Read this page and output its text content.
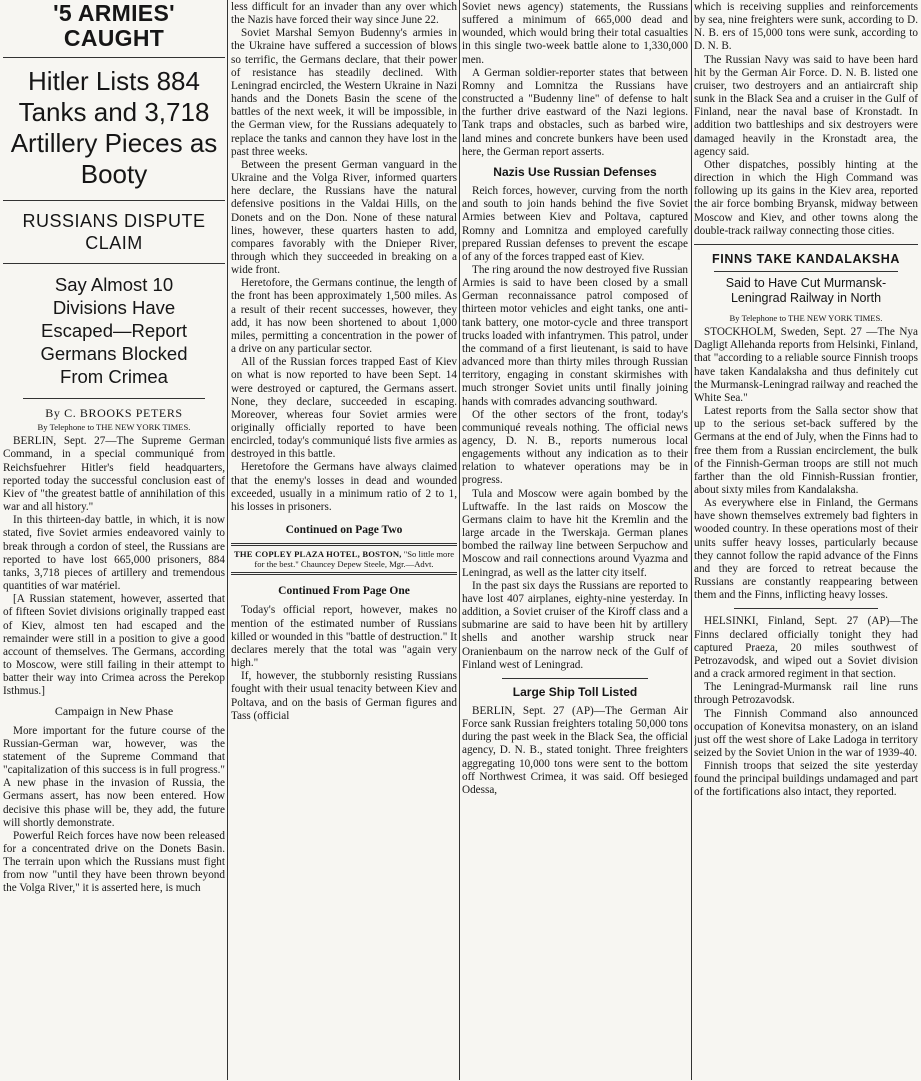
'5 ARMIES' CAUGHT
Hitler Lists 884 Tanks and 3,718 Artillery Pieces as Booty
RUSSIANS DISPUTE CLAIM
Say Almost 10 Divisions Have Escaped—Report Germans Blocked From Crimea
By C. BROOKS PETERS
By Telephone to THE NEW YORK TIMES.

BERLIN, Sept. 27—The Supreme German Command, in a special communiqué from Reichsfuehrer Hitler's field headquarters, reported today the successful conclusion east of Kiev of "the greatest battle of annihilation of this war and all history."

In this thirteen-day battle, in which, it is now stated, five Soviet armies endeavored vainly to break through a cordon of steel, the Russians are reported to have lost 665,000 prisoners, 884 tanks, 3,718 pieces of artillery and tremendous quantities of war matériel.

[A Russian statement, however, asserted that of fifteen Soviet divisions originally trapped east of Kiev, almost ten had escaped and the remainder were still in a position to give a good account of themselves. The Germans, according to Moscow, were still failing in their attempt to batter their way into Crimea across the Perekop Isthmus.]

Campaign in New Phase

More important for the future course of the Russian-German war, however, was the statement of the Supreme Command that "capitalization of this success is in full progress." A new phase in the invasion of Russia, the Germans assert, has now been entered. How decisive this phase will be, they add, the future will shortly demonstrate.

Powerful Reich forces have now been released for a concentrated drive on the Donets Basin. The terrain upon which the Russians must fight from now "until they have been thrown beyond the Volga River," it is asserted here, is much

less difficult for an invader than any over which the Nazis have forced their way since June 22.

Soviet Marshal Semyon Budenny's armies in the Ukraine have suffered a succession of blows so terrific, the Germans declare, that their power of resistance has steadily declined. With Leningrad encircled, the Western Ukraine in Nazi hands and the Donets Basin the scene of the battles of the next week, it will be impossible, in the German view, for the Russians adequately to replace the tanks and cannon they have lost in the past three weeks.

Between the present German vanguard in the Ukraine and the Volga River, informed quarters here declare, the Russians have the natural defensive positions in the Valdai Hills, on the Donets and on the Don. None of these natural lines, however, these quarters hasten to add, compares favorably with the Dnieper River, through which they succeeded in breaking on a wide front.

Heretofore, the Germans continue, the length of the front has been approximately 1,500 miles. As a result of their recent successes, however, they add, it has now been shortened to about 1,000 miles, permitting a concentration in the power of a drive on any particular sector.

All of the Russian forces trapped East of Kiev on what is now reported to have been Sept. 14 were destroyed or captured, the Germans assert. None, they declare, succeeded in escaping. Moreover, whereas four Soviet armies were originally officially reported to have been encircled, today's communiqué lists five armies as destroyed in this battle.

Heretofore the Germans have always claimed that the enemy's losses in dead and wounded exceeded, usually in a minimum ratio of 2 to 1, his losses in prisoners.

Continued on Page Two
THE COPLEY PLAZA HOTEL, BOSTON, "So little more for the best." Chauncey Depew Steele, Mgr.—Advt.
Continued From Page One

Today's official report, however, makes no mention of the estimated number of Russians killed or wounded in this "battle of destruction." It declares merely that the total was "again very high."

If, however, the stubbornly resisting Russians fought with their usual tenacity between Kiev and Poltava, and on the basis of German figures and Tass (official

Soviet news agency) statements, the Russians suffered a minimum of 665,000 dead and wounded, which would bring their total casualties in this single two-week battle alone to 1,330,000 men.

A German soldier-reporter states that between Romny and Lomnitza the Russians have constructed a "Budenny line" of defense to halt the further drive eastward of the Nazi legions. Tank traps and obstacles, such as barbed wire, land mines and concrete bunkers have been used here, the German report asserts.

Nazis Use Russian Defenses

Reich forces, however, curving from the north and south to join hands behind the five Soviet Armies between Kiev and Poltava, captured Romny and Lomnitza and employed carefully prepared Russian defenses to prevent the escape of any of the forces trapped east of Kiev.

The ring around the now destroyed five Russian Armies is said to have been closed by a small German reconnaissance patrol composed of thirteen motor vehicles and eight tanks, one anti-tank battery, one motor-cycle and three transport trucks loaded with infantrymen. This patrol, under the command of a first lieutenant, is said to have advanced more than thirty miles through Russian territory, engaging in constant skirmishes with much stronger Soviet units until finally joining hands with comrades advancing southward.

Of the other sectors of the front, today's communiqué reveals nothing. The official news agency, D. N. B., reports numerous local engagements without any indication as to their relation to whatever operations may be in progress.

Tula and Moscow were again bombed by the Luftwaffe. In the last raids on Moscow the Germans claim to have hit the Kremlin and the large arcade in the Twerskaja. German planes bombed the railway line between Serpuchow and Moscow and rail connections around Vyazma and Leningrad, as well as the latter city itself.

In the past six days the Russians are reported to have lost 407 airplanes, eighty-nine yesterday. In addition, a Soviet cruiser of the Kiroff class and a submarine are said to have been hit by artillery shells and another warship struck near Oranienbaum on the narrow neck of the Gulf of Finland west of Leningrad.

Large Ship Toll Listed

BERLIN, Sept. 27 (AP)—The German Air Force sank Russian freighters totaling 50,000 tons during the past week in the Black Sea, the official agency, D. N. B., stated tonight. Three freighters aggregating 10,000 tons were sent to the bottom off Northwest Crimea, it was said. Off besieged Odessa,

which is receiving supplies and reinforcements by sea, nine freighters were sunk, according to D. N. B. ers of 15,000 tons were sunk, according to D. N. B.

The Russian Navy was said to have been hard hit by the German Air Force. D. N. B. listed one cruiser, two destroyers and an antiaircraft ship sunk in the Black Sea and a cruiser in the Gulf of Finland, near the naval base of Kronstadt. In addition two battleships and six destroyers were damaged heavily in the Kronstadt area, the agency said.

Other dispatches, possibly hinting at the direction in which the High Command was following up its gains in the Kiev area, reported the air force bombing Bryansk, midway between Moscow and Kiev, and other towns along the double-track railway connecting those cities.

FINNS TAKE KANDALAKSHA
Said to Have Cut Murmansk-Leningrad Railway in North
By Telephone to THE NEW YORK TIMES.

STOCKHOLM, Sweden, Sept. 27 —The Nya Dagligt Allehanda reports from Helsinki, Finland, that "according to a reliable source Finnish troops have taken Kandalaksha and thus definitely cut the Murmansk-Leningrad railway and reached the White Sea."

Latest reports from the Salla sector show that up to the serious set-back suffered by the Germans at the end of July, when the Finns had to free them from a Russian encirclement, the bulk of the Finnish-German troops are still not much farther than the old Finnish-Russian frontier, about sixty miles from Kandalaksha.

As everywhere else in Finland, the Germans have shown themselves extremely bad fighters in wooded country. In these operations most of their units suffer heavy losses, particularly because they cannot follow the rapid advance of the Finns and they are forced to retreat because the Russians are constantly reappearing between them and the Finns, inflicting heavy losses.

HELSINKI, Finland, Sept. 27 (AP)—The Finns declared officially tonight they had captured Praeza, 20 miles southwest of Petrozavodsk, and wiped out a Soviet division and a crack armored regiment in that section.

The Leningrad-Murmansk rail line runs through Petrozavodsk.

The Finnish Command also announced occupation of Konevitsa monastery, on an island just off the west shore of Lake Ladoga in territory seized by the Soviet Union in the war of 1939-40.

Finnish troops that seized the site yesterday found the principal buildings undamaged and part of the fortifications also intact, they reported.
